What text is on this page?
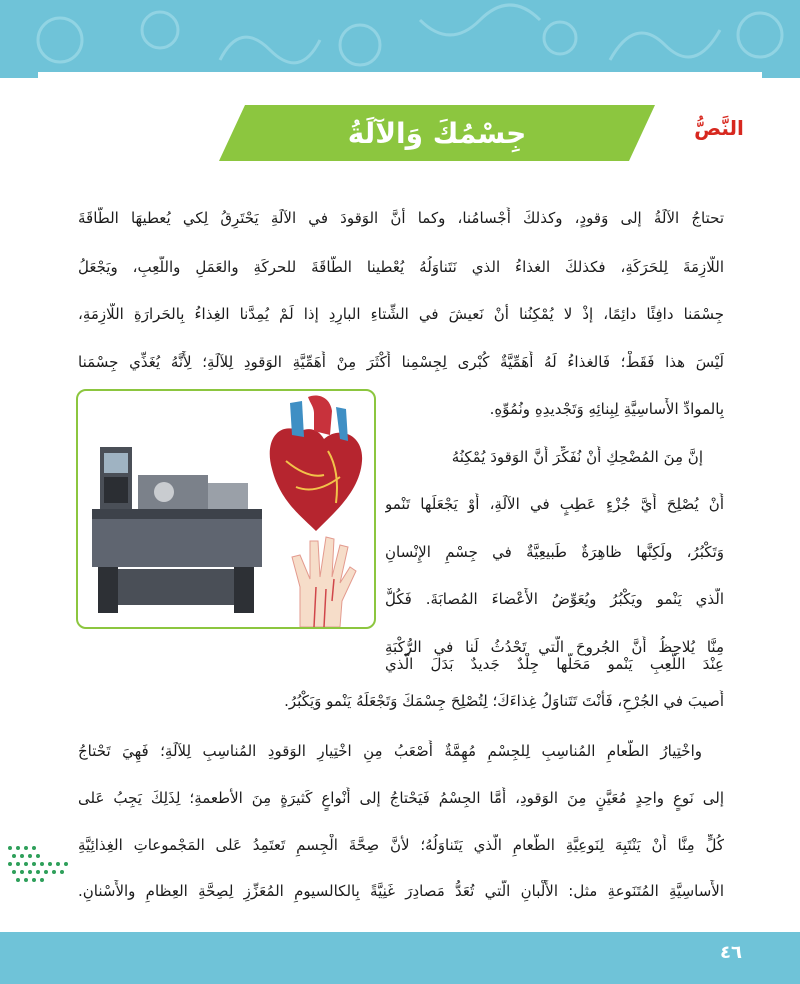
جِسْمُكَ وَالآلَةُ	النَّصُّ
تحتاجُ الآلَةُ إلى وَقودٍ، وكذلكَ أَجْسامُنا، وكما أنَّ الوَقودَ في الآلَةِ يَحْتَرِقُ لِكي يُعطيهَا الطَّاقَةَ
اللَّازِمَةَ لِلحَرَكَةِ، فكذلكَ الغذاءُ الذي نَتَناوَلُهُ يُعْطينا الطَّاقَةَ للحركَةِ والعَمَلِ واللَّعِبِ، ويَجْعَلُ
جِسْمَنا دافِئًا دائِمًا، إذْ لا يُمْكِنُنا أنْ نَعيشَ في الشِّتاءِ البارِدِ إذا لَمْ يُمِدَّنا الغِذاءُ بِالحَرارَةِ اللَّازِمَةِ،
لَيْسَ هذا فَقَطْ؛ فَالغذاءُ لَهُ أَهَمِّيَّةٌ كُبْرى لِجِسْمِنا أَكْثَرَ مِنْ أَهَمِّيَّةِ الوَقودِ لِلآلَةِ؛ لِأَنَّهُ يُغَذِّي جِسْمَنا
بِالموادِّ الأَساسِيَّةِ لِبِنائِهِ وَتَجْديدِهِ ونُمُوِّهِ.
إنَّ مِنَ المُضْحِكِ أَنْ نُفَكِّرَ أَنَّ الوَقودَ يُمْكِنُهُ
أَنْ يُصْلِحَ أَيَّ جُزْءٍ عَطِبٍ في الآلَةِ، أَوْ يَجْعَلَها تَنْمو
وَتَكْبُرُ، ولَكِنَّها ظاهِرَةٌ طَبيعِيَّةٌ في جِسْمِ الإِنْسانِ
الَّذي يَنْمو ويَكْبُرُ ويُعَوِّضُ الأَعْضاءَ المُصابَةَ. فَكُلٌّ
مِنَّا يُلاحِظُ أَنَّ الجُروحَ الَّتي تَحْدُثُ لَنا في الرُّكْبَةِ
عِنْدَ اللَّعِبِ يَنْمو مَحَلَّها جِلْدٌ جَديدٌ بَدَلَ الَّذي
أُصيبَ في الجُرْحِ، فَأَنْتَ تَتَناوَلُ غِذاءَكَ؛ لِتُصْلِحَ جِسْمَكَ وَتَجْعَلَهُ يَنْمو وَيَكْبُرُ.
واخْتِيارُ الطَّعامِ المُناسِبِ لِلجِسْمِ مُهِمَّةٌ أَصْعَبُ مِنِ اخْتِيارِ الوَقودِ المُناسِبِ لِلآلَةِ؛ فَهِيَ تَحْتاجُ
إلى نَوعٍ واحِدٍ مُعَيَّنٍ مِنَ الوَقودِ، أَمَّا الجِسْمُ فَيَحْتاجُ إلى أَنْواعٍ كَثيرَةٍ مِنَ الأطعمةِ؛ لِذَلِكَ يَجِبُ عَلى
كُلٍّ مِنَّا أَنْ يَنْتَبِهَ لِنَوعِيَّةِ الطَّعامِ الَّذي يَتَناوَلُهُ؛ لأنَّ صِحَّةَ الْجِسمِ تَعتَمِدُ عَلى المَجْموعاتِ الغِذائِيَّةِ
الأَساسِيَّةِ المُتَنَوعةِ مثل: الأَلْبانِ الَّتي تُعَدُّ مَصادِرَ غَنِيَّةً بِالكالسيومِ المُعَزِّزِ لِصِحَّةِ العِظامِ والأَسْنانِ.
٤٦
